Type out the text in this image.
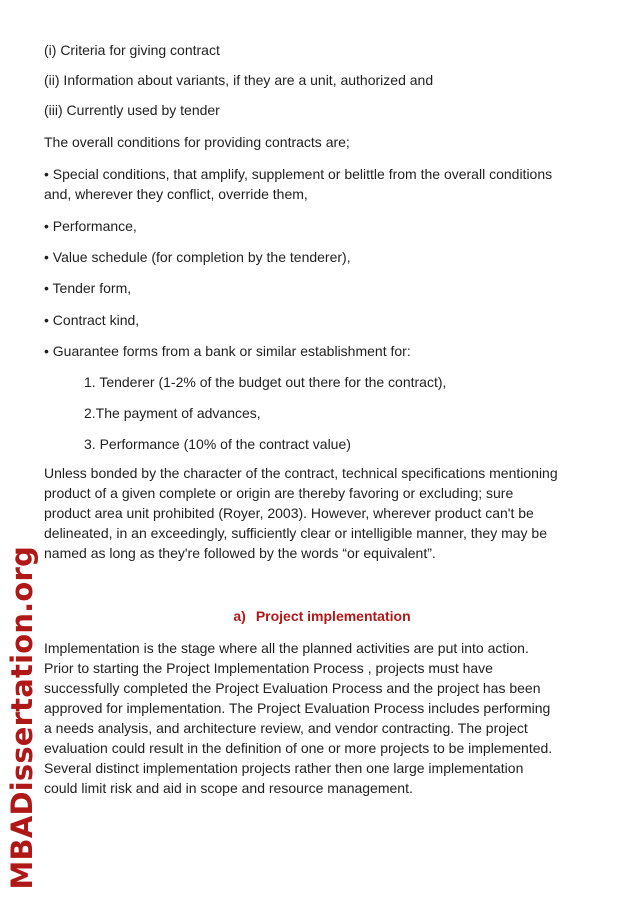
MBADissertation.org

(i) Criteria for giving contract

(ii) Information about variants, if they are a unit, authorized and

(iii) Currently used by tender

The overall conditions for providing contracts are;

• Special conditions, that amplify, supplement or belittle from the overall conditions
and, wherever they conflict, override them,

• Performance,

• Value schedule (for completion by the tenderer),

• Tender form,

• Contract kind,

• Guarantee forms from a bank or similar establishment for:

1. Tenderer (1-2% of the budget out there for the contract),

2.The payment of advances,

3. Performance (10% of the contract value)

Unless bonded by the character of the contract, technical specifications mentioning
product of a given complete or origin are thereby favoring or excluding; sure
product area unit prohibited (Royer, 2003). However, wherever product can't be
delineated, in an exceedingly, sufficiently clear or intelligible manner, they may be
named as long as they're followed by the words “or equivalent”.
a) Project implementation
Implementation is the stage where all the planned activities are put into action.
Prior to starting the Project Implementation Process , projects must have
successfully completed the Project Evaluation Process and the project has been
approved for implementation. The Project Evaluation Process includes performing
a needs analysis, and architecture review, and vendor contracting. The project
evaluation could result in the definition of one or more projects to be implemented.
Several distinct implementation projects rather then one large implementation
could limit risk and aid in scope and resource management.
